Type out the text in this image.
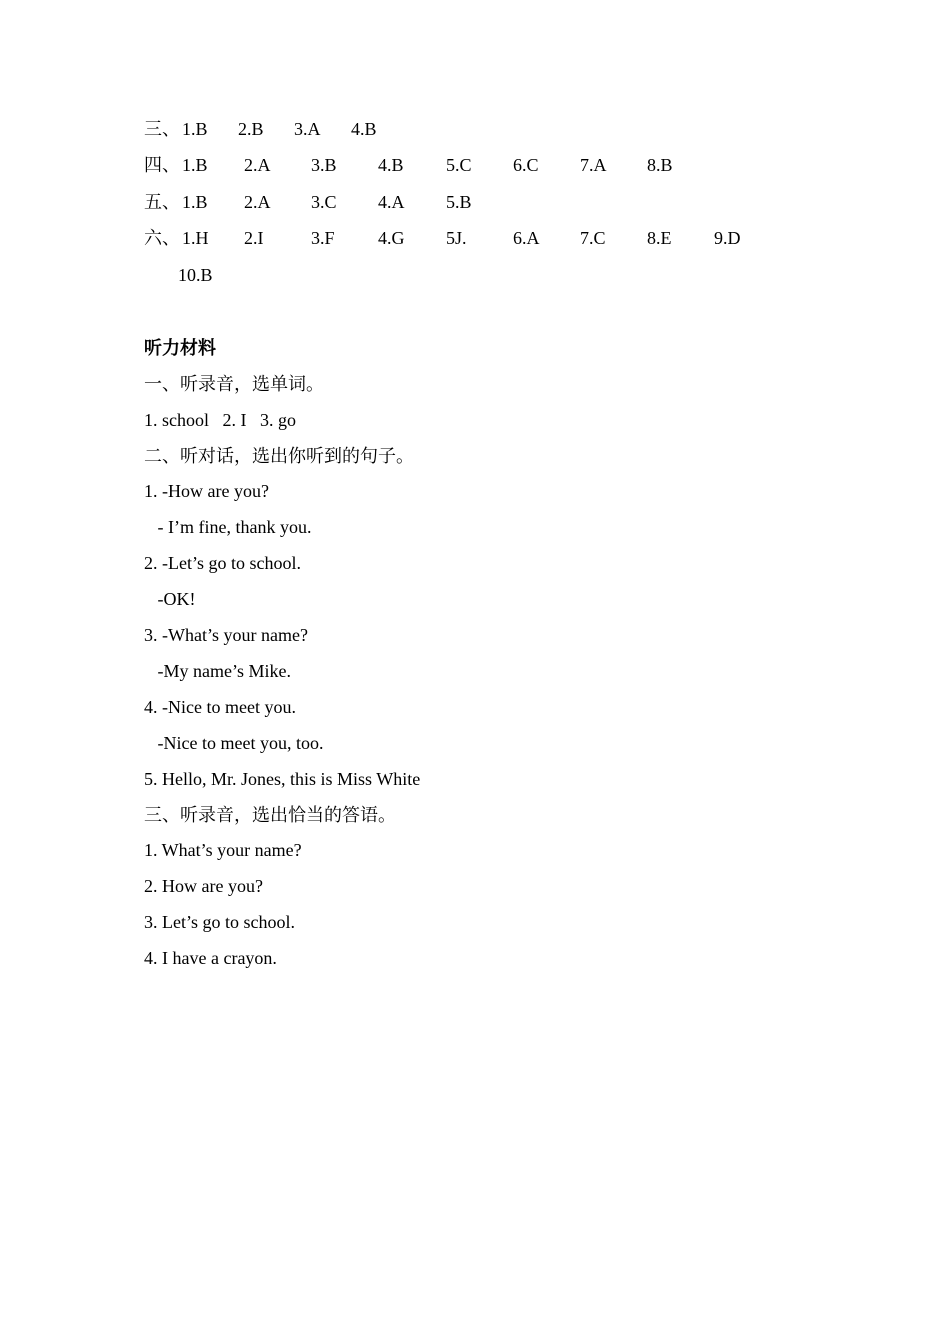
三、 1.B 2.B 3.A 4.B
四、 1.B 2.A 3.B 4.B 5.C 6.C 7.A 8.B
五、 1.B 2.A 3.C 4.A 5.B
六、 1.H 2.I	3.F 4.G 5J.	6.A 7.C 8.E 9.D
10.B
听力材料
一、听录音，选单词。
1. school   2. I   3. go
二、听对话，选出你听到的句子。
1. -How are you?
- I’m fine, thank you.
2. -Let’s go to school.
-OK!
3. -What’s your name?
-My name’s Mike.
4. -Nice to meet you.
-Nice to meet you, too.
5. Hello, Mr. Jones, this is Miss White
三、听录音，选出恰当的答语。
1. What’s your name?
2. How are you?
3. Let’s go to school.
4. I have a crayon.
